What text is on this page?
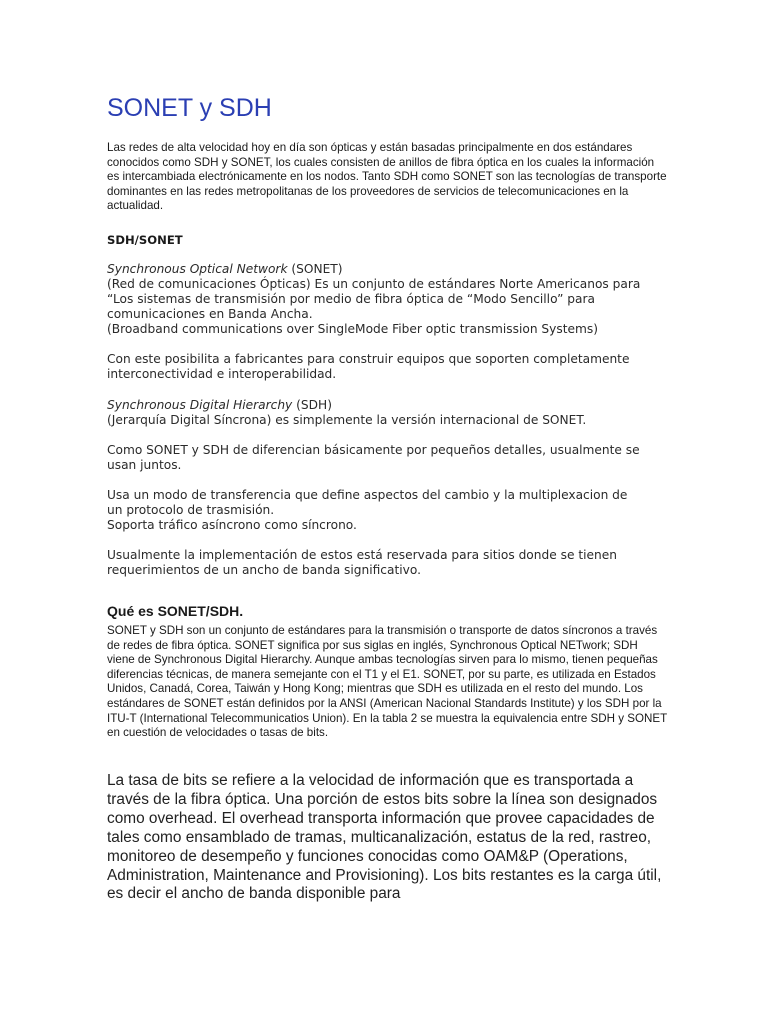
SONET y SDH

Las redes de alta velocidad hoy en día son ópticas y están basadas principalmente en dos estándares conocidos como SDH y SONET, los cuales consisten de anillos de fibra óptica en los cuales la información es intercambiada electrónicamente en los nodos. Tanto SDH como SONET son las tecnologías de transporte dominantes en las redes metropolitanas de los proveedores de servicios de telecomunicaciones en la actualidad.

SDH/SONET

Synchronous Optical Network (SONET)
(Red de comunicaciones Ópticas) Es un conjunto de estándares Norte Americanos para
“Los sistemas de transmisión por medio de fibra óptica de “Modo Sencillo” para
comunicaciones en Banda Ancha.
(Broadband communications over SingleMode Fiber optic transmission Systems)
Con este posibilita a fabricantes para construir equipos que soporten completamente
interconectividad e interoperabilidad.
Synchronous Digital Hierarchy (SDH)
(Jerarquía Digital Síncrona) es simplemente la versión internacional de SONET.
Como SONET y SDH de diferencian básicamente por pequeños detalles, usualmente se
usan juntos.
Usa un modo de transferencia que define aspectos del cambio y la multiplexacion de
un protocolo de trasmisión.
Soporta tráfico asíncrono como síncrono.
Usualmente la implementación de estos está reservada para sitios donde se tienen
requerimientos de un ancho de banda significativo.
Qué es SONET/SDH.

SONET y SDH son un conjunto de estándares para la transmisión o transporte de datos síncronos a través de redes de fibra óptica. SONET significa por sus siglas en inglés, Synchronous Optical NETwork; SDH viene de Synchronous Digital Hierarchy. Aunque ambas tecnologías sirven para lo mismo, tienen pequeñas diferencias técnicas, de manera semejante con el T1 y el E1. SONET, por su parte, es utilizada en Estados Unidos, Canadá, Corea, Taiwán y Hong Kong; mientras que SDH es utilizada en el resto del mundo. Los estándares de SONET están definidos por la ANSI (American Nacional Standards Institute) y los SDH por la ITU-T (International Telecommunicatios Union). En la tabla 2 se muestra la equivalencia entre SDH y SONET en cuestión de velocidades o tasas de bits.

La tasa de bits se refiere a la velocidad de información que es transportada a través de la fibra óptica. Una porción de estos bits sobre la línea son designados como overhead. El overhead transporta información que provee capacidades de tales como ensamblado de tramas, multicanalización, estatus de la red, rastreo, monitoreo de desempeño y funciones conocidas como OAM&P (Operations, Administration, Maintenance and Provisioning). Los bits restantes es la carga útil, es decir el ancho de banda disponible para
